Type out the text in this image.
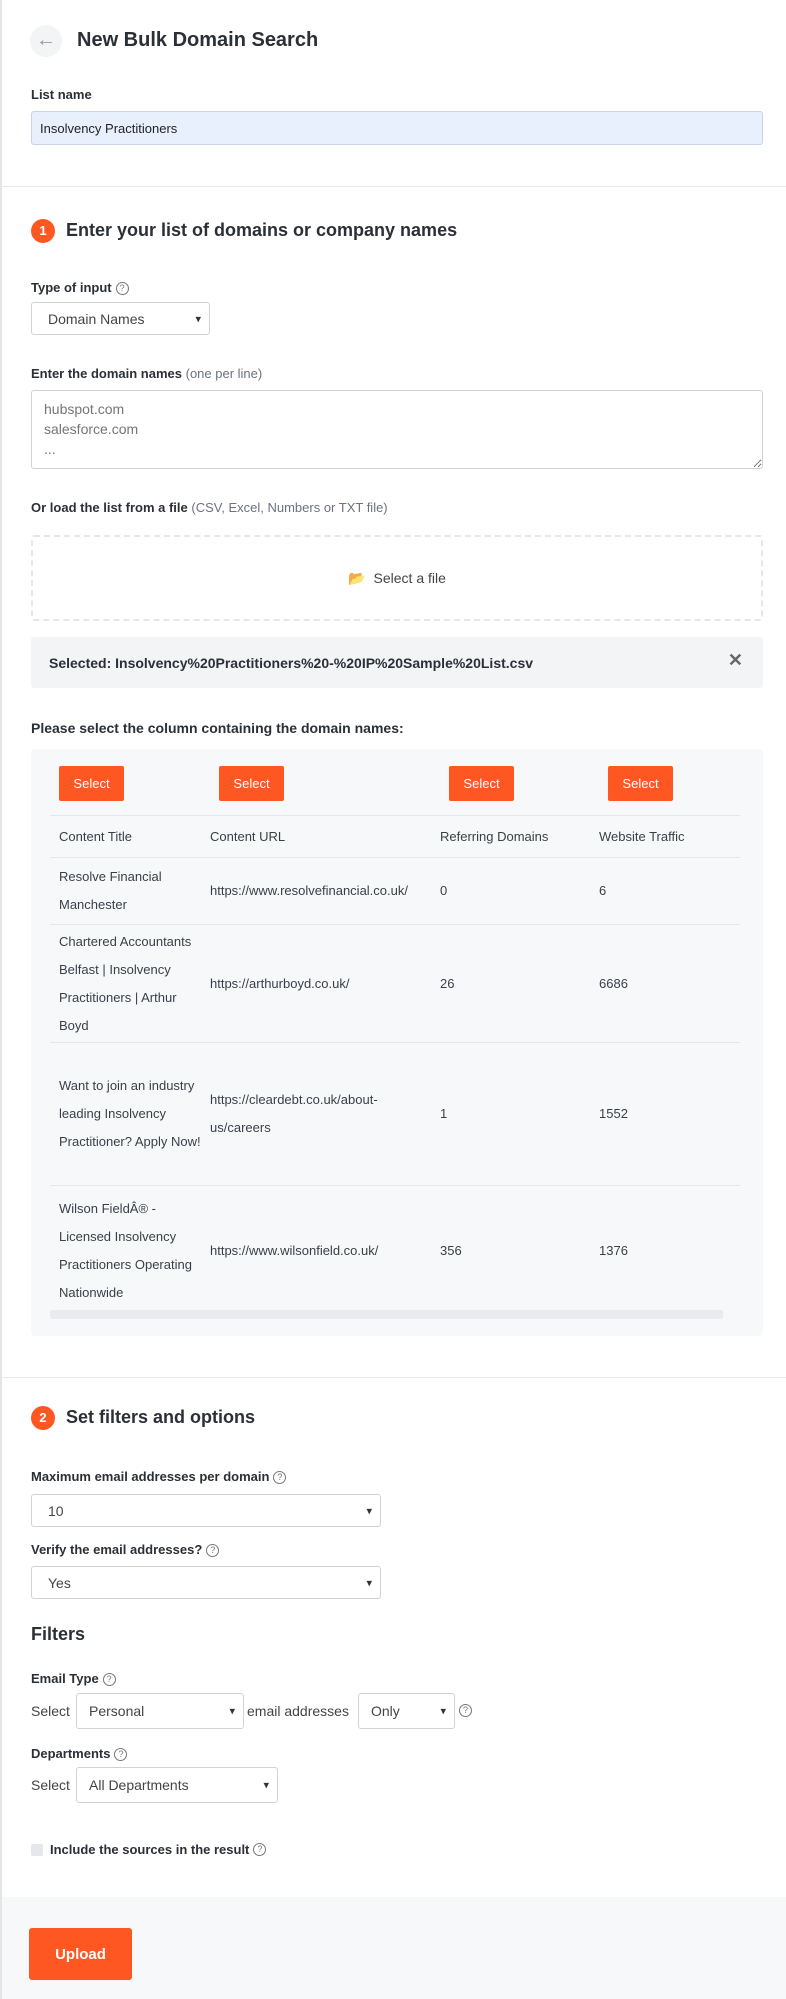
←	New Bulk Domain Search
List name
Insolvency Practitioners
1 Enter your list of domains or company names
Type of input ?
Domain Names	▾
Enter the domain names (one per line)
hubspot.com salesforce.com ...
Or load the list from a file (CSV, Excel, Numbers or TXT file)
📂 Select a file
Selected: Insolvency%20Practitioners%20-%20IP%20Sample%20List.csv	✕
Please select the column containing the domain names:
Select	Select	Select	Select
Content Title	Content URL	Referring Domains	Website Traffic
Resolve Financial Manchester	https://www.resolvefinancial.co.uk/	0	6
Chartered Accountants Belfast | Insolvency Practitioners | Arthur Boyd	https://arthurboyd.co.uk/	26	6686
Want to join an industry leading Insolvency Practitioner? Apply Now!	https://cleardebt.co.uk/about-us/careers	1	1552
Wilson FieldÂ® - Licensed Insolvency Practitioners Operating Nationwide	https://www.wilsonfield.co.uk/	356	1376
2 Set filters and options
Maximum email addresses per domain ?
10	▾
Verify the email addresses? ?
Yes	▾
Filters
Email Type ?
Select Personal	▾ email addresses Only	▾	?
Departments ?
Select All Departments	▾
Include the sources in the result ?
Upload
